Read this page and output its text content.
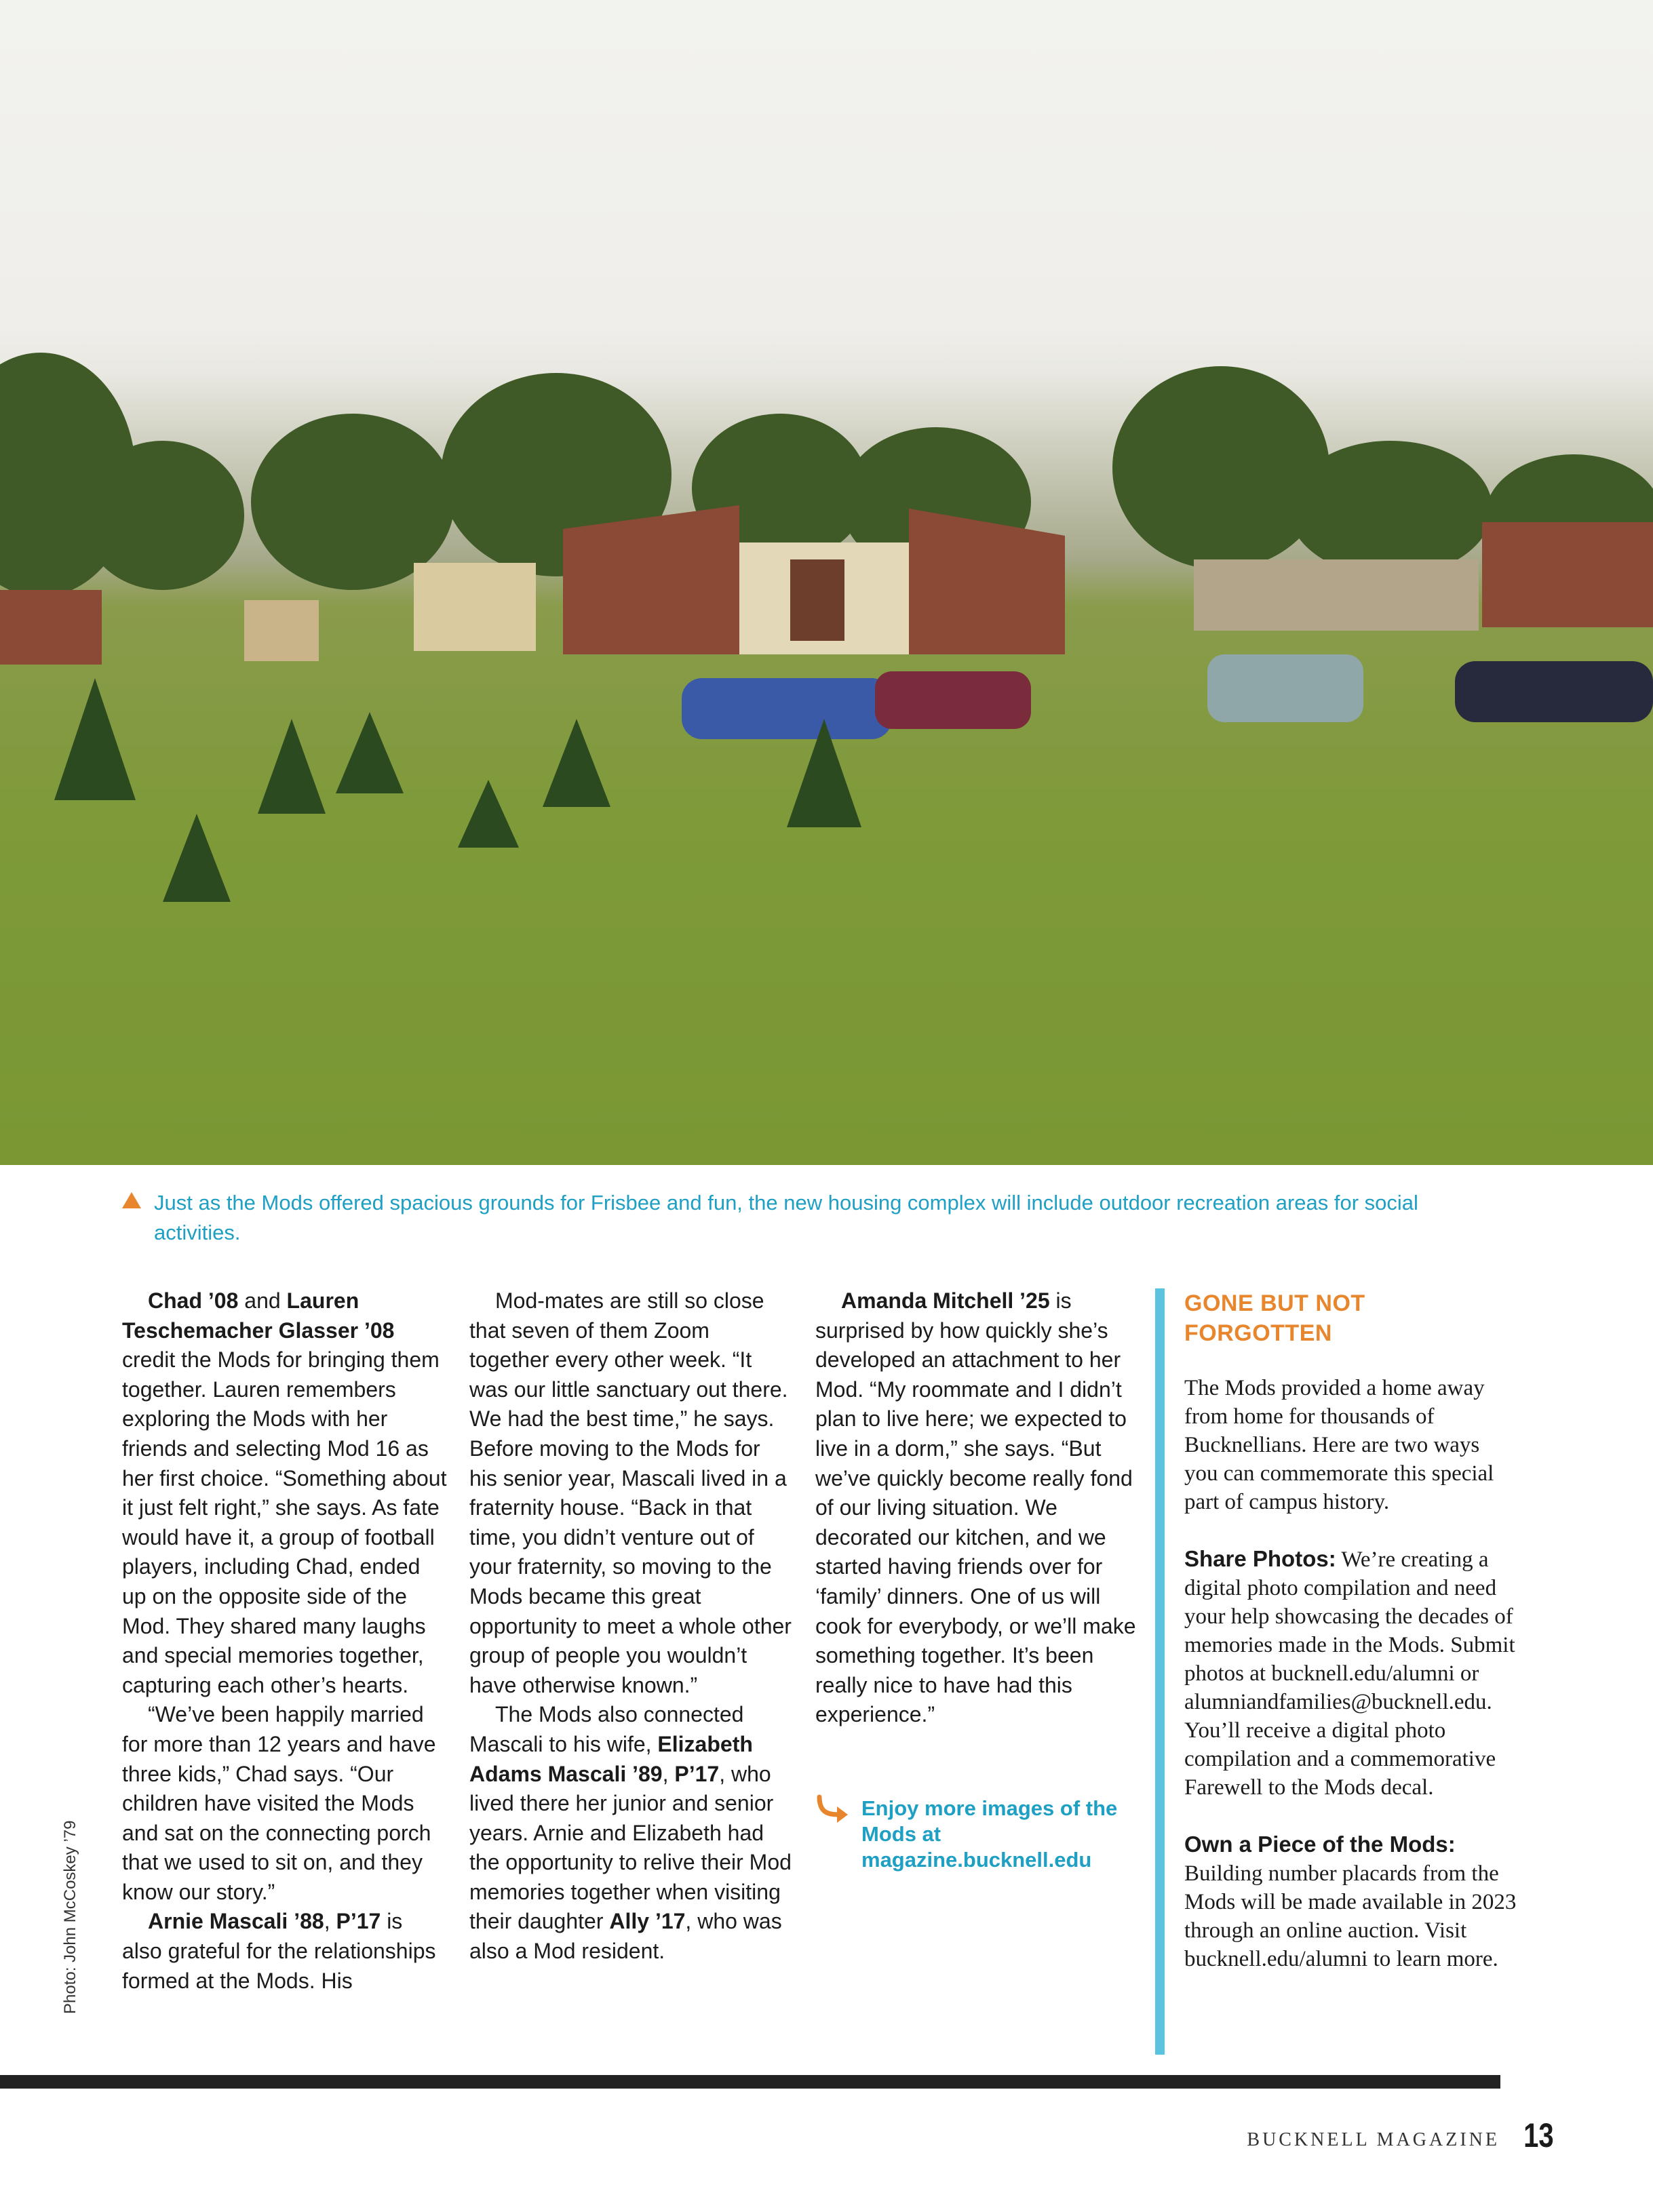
Just as the Mods offered spacious grounds for Frisbee and fun, the new housing complex will include outdoor recreation areas for social activities.

Chad ’08 and Lauren Teschemacher Glasser ’08 credit the Mods for bringing them together. Lauren remembers exploring the Mods with her friends and selecting Mod 16 as her first choice. “Something about it just felt right,” she says. As fate would have it, a group of football players, including Chad, ended up on the opposite side of the Mod. They shared many laughs and special memories together, capturing each other’s hearts.

“We’ve been happily married for more than 12 years and have three kids,” Chad says. “Our children have visited the Mods and sat on the connecting porch that we used to sit on, and they know our story.”

Arnie Mascali ’88, P’17 is also grateful for the relationships formed at the Mods. His

Mod-mates are still so close that seven of them Zoom together every other week. “It was our little sanctuary out there. We had the best time,” he says. Before moving to the Mods for his senior year, Mascali lived in a fraternity house. “Back in that time, you didn’t venture out of your fraternity, so moving to the Mods became this great opportunity to meet a whole other group of people you wouldn’t have otherwise known.”

The Mods also connected Mascali to his wife, Elizabeth Adams Mascali ’89, P’17, who lived there her junior and senior years. Arnie and Elizabeth had the opportunity to relive their Mod memories together when visiting their daughter Ally ’17, who was also a Mod resident.

Amanda Mitchell ’25 is surprised by how quickly she’s developed an attachment to her Mod. “My roommate and I didn’t plan to live here; we expected to live in a dorm,” she says. “But we’ve quickly become really fond of our living situation. We decorated our kitchen, and we started having friends over for ‘family’ dinners. One of us will cook for everybody, or we’ll make something together. It’s been really nice to have had this experience.”

Enjoy more images of the Mods at magazine.bucknell.edu
GONE BUT NOT FORGOTTEN

The Mods provided a home away from home for thousands of Bucknellians. Here are two ways you can commemorate this special part of campus history.

Share Photos: We’re creating a digital photo compilation and need your help showcasing the decades of memories made in the Mods. Submit photos at bucknell.edu/alumni or alumniandfamilies@bucknell.edu. You’ll receive a digital photo compilation and a commemorative Farewell to the Mods decal.

Own a Piece of the Mods: Building number placards from the Mods will be made available in 2023 through an online auction. Visit bucknell.edu/alumni to learn more.

Photo: John McCoskey ’79
BUCKNELL MAGAZINE 13
